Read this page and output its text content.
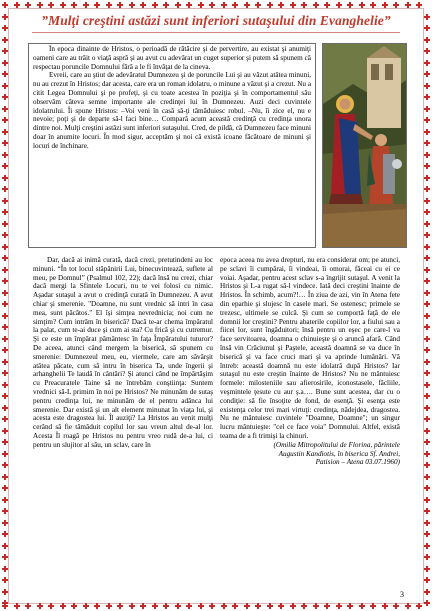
”Mulţi creştini astăzi sunt inferiori sutaşului din Evanghelie”

În epoca dinainte de Hristos, o perioadă de rătăcire şi de pervertire, au existat şi anumiţi oameni care au trăit o viaţă aspră şi au avut cu adevărat un cuget superior şi putem să spunem că respectau poruncile Domnului fără a le fi învăţat de la cineva.

Evreii, care au ştiut de adevăratul Dumnezeu şi de poruncile Lui şi au văzut atâtea minuni, nu au crezut în Hristos; dar acesta, care era un roman idolatru, o minune a văzut şi a crezut. Nu a citit Legea Domnului şi pe profeţi, şi cu toate acestea în poziţia şi în comportamentul său observăm câteva semne importante ale credinţei lui în Dumnezeu. Auzi deci cuvintele idolatrului. Îi spune Hristos: –Voi veni în casă să-ţi tămăduiesc robul. –Nu, îi zice el, nu e nevoie; poţi şi de departe să-l faci bine… Compară acum această credinţă cu credinţa unora dintre noi. Mulţi creştini astăzi sunt inferiori sutaşului. Cred, de pildă, că Dumnezeu face minuni doar în anumite locuri. În mod sigur, acceptăm şi noi că există icoane făcătoare de minuni şi locuri de închinare.

Dar, dacă ai inimă curată, dacă crezi, pretutindeni au loc minuni. “În tot locul stăpânirii Lui, binecuvintează, suflete al meu, pe Domnul” (Psalmul 102, 22); dacă însă nu crezi, chiar dacă mergi la Sfintele Locuri, nu te vei folosi cu nimic. Aşadar sutaşul a avut o credinţă curată în Dumnezeu. A avut chiar şi smerenie. "Doamne, nu sunt vrednic să intri în casa mea, sunt păcătos." El îşi simţea nevrednicia; noi cum ne simţim? Cum intrăm în biserică? Dacă te-ar chema împăratul la palat, cum te-ai duce şi cum ai sta? Cu frică şi cu cutremur. Şi ce este un împărat pământesc în faţa Împăratului tuturor? De aceea, atunci când mergem la biserică, să spunem cu smerenie: Dumnezeul meu, eu, viermele, care am săvârşit atâtea păcate, cum să intru în biserica Ta, unde îngerii şi arhanghelii Te laudă în cântări? Şi atunci când ne împărtăşim cu Preacuratele Taine să ne întrebăm conştiinţa: Suntem vrednici să-L primim în noi pe Hristos? Ne minunăm de sutaş pentru credinţa lui, ne minunăm de el pentru adânca lui smerenie. Dar există şi un alt element minunat în viaţa lui, şi acesta este dragostea lui. Îl auziţi? La Hristos au venit mulţi cerând să fie tămăduit copilul lor sau vreun altul de-al lor. Acesta Îl roagă pe Hristos nu pentru vreo rudă de-a lui, ci pentru un slujitor al său, un sclav, care în

epoca aceea nu avea drepturi, nu era considerat om; pe atunci, pe sclavi îi cumpărai, îi vindeai, îi omorai, făceai cu ei ce voiai. Aşadar, pentru acest sclav s-a îngrijit sutaşul. A venit la Hristos şi L-a rugat să-l vindece. Iată deci creştini înainte de Hristos. În schimb, acum?!… În ziua de azi, vin în Atena fete din eparhie şi slujesc în casele mari. Se ostenesc; primele se trezesc, ultimele se culcă. Şi cum se comportă faţă de ele domnii lor creştini? Pentru abaterile copiilor lor, a fiului sau a fiicei lor, sunt îngăduitori; însă pentru un eşec pe care-l va face servitoarea, doamna o chinuieşte şi o aruncă afară. Când însă vin Crăciunul şi Paştele, această doamnă se va duce în biserică şi va face cruci mari şi va aprinde lumânări. Vă întreb: această doamnă nu este idolatră după Hristos? Iar sutaşul nu este creştin înainte de Hristos? Nu ne mântuiesc formele: milosteniile sau afierosirile, iconostasele, făcliile, veşmintele ţesute cu aur ş.a…. Bune sunt acestea, dar cu o condiţie: să fie însoţite de fond, de esenţă. Şi esenţa este existenţa celor trei mari virtuţi: credinţa, nădejdea, dragostea. Nu ne mântuiesc cuvintele "Doamne, Doamne"; un singur lucru mântuieşte: "cel ce face voia" Domnului. Altfel, există teama de a fi trimişi la chinuri.

(Omilia Mitropolitului de Florina, părintele

Augustin Kandiotis, în biserica Sf. Andrei,

Patision – Atena 03.07.1960)

3
